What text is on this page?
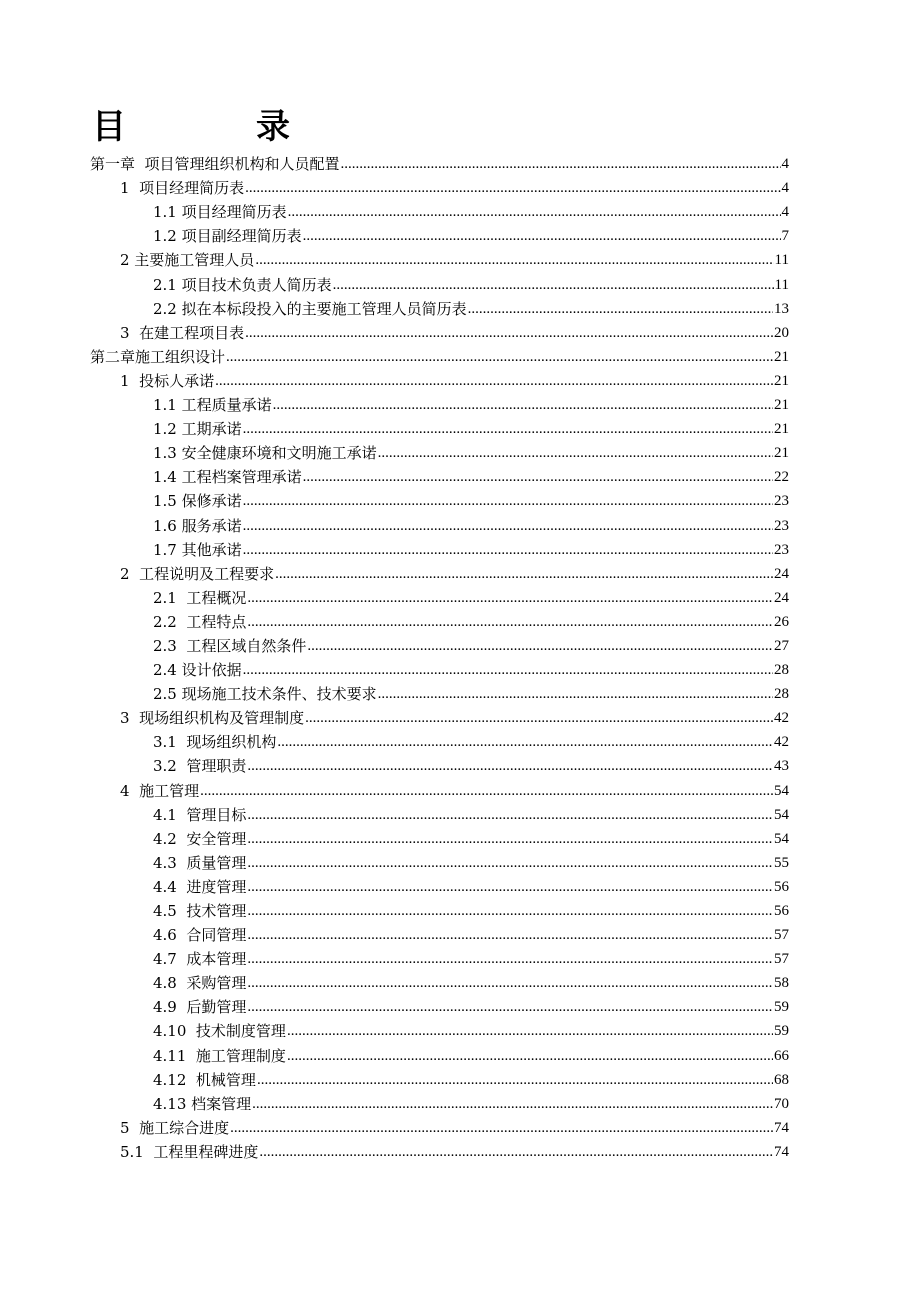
目　录
第一章  项目管理组织机构和人员配置 .....	4
1  项目经理简历表 .....	4
1.1 项目经理简历表 .....	4
1.2 项目副经理简历表 .....	7
2 主要施工管理人员 .....	11
2.1 项目技术负责人简历表 .....	11
2.2 拟在本标段投入的主要施工管理人员简历表 .....	13
3  在建工程项目表 .....	20
第二章施工组织设计 .....	21
1  投标人承诺 .....	21
1.1 工程质量承诺 .....	21
1.2 工期承诺 .....	21
1.3 安全健康环境和文明施工承诺 .....	21
1.4 工程档案管理承诺 .....	22
1.5 保修承诺 .....	23
1.6 服务承诺 .....	23
1.7 其他承诺 .....	23
2  工程说明及工程要求 .....	24
2.1  工程概况 .....	24
2.2  工程特点 .....	26
2.3  工程区域自然条件 .....	27
2.4 设计依据 .....	28
2.5 现场施工技术条件、技术要求 .....	28
3  现场组织机构及管理制度 .....	42
3.1  现场组织机构 .....	42
3.2  管理职责 .....	43
4  施工管理 .....	54
4.1  管理目标 .....	54
4.2  安全管理 .....	54
4.3  质量管理 .....	55
4.4  进度管理 .....	56
4.5  技术管理 .....	56
4.6  合同管理 .....	57
4.7  成本管理 .....	57
4.8  采购管理 .....	58
4.9  后勤管理 .....	59
4.10  技术制度管理 .....	59
4.11  施工管理制度 .....	66
4.12  机械管理 .....	68
4.13 档案管理 .....	70
5  施工综合进度 .....	74
5.1  工程里程碑进度 .....	74
